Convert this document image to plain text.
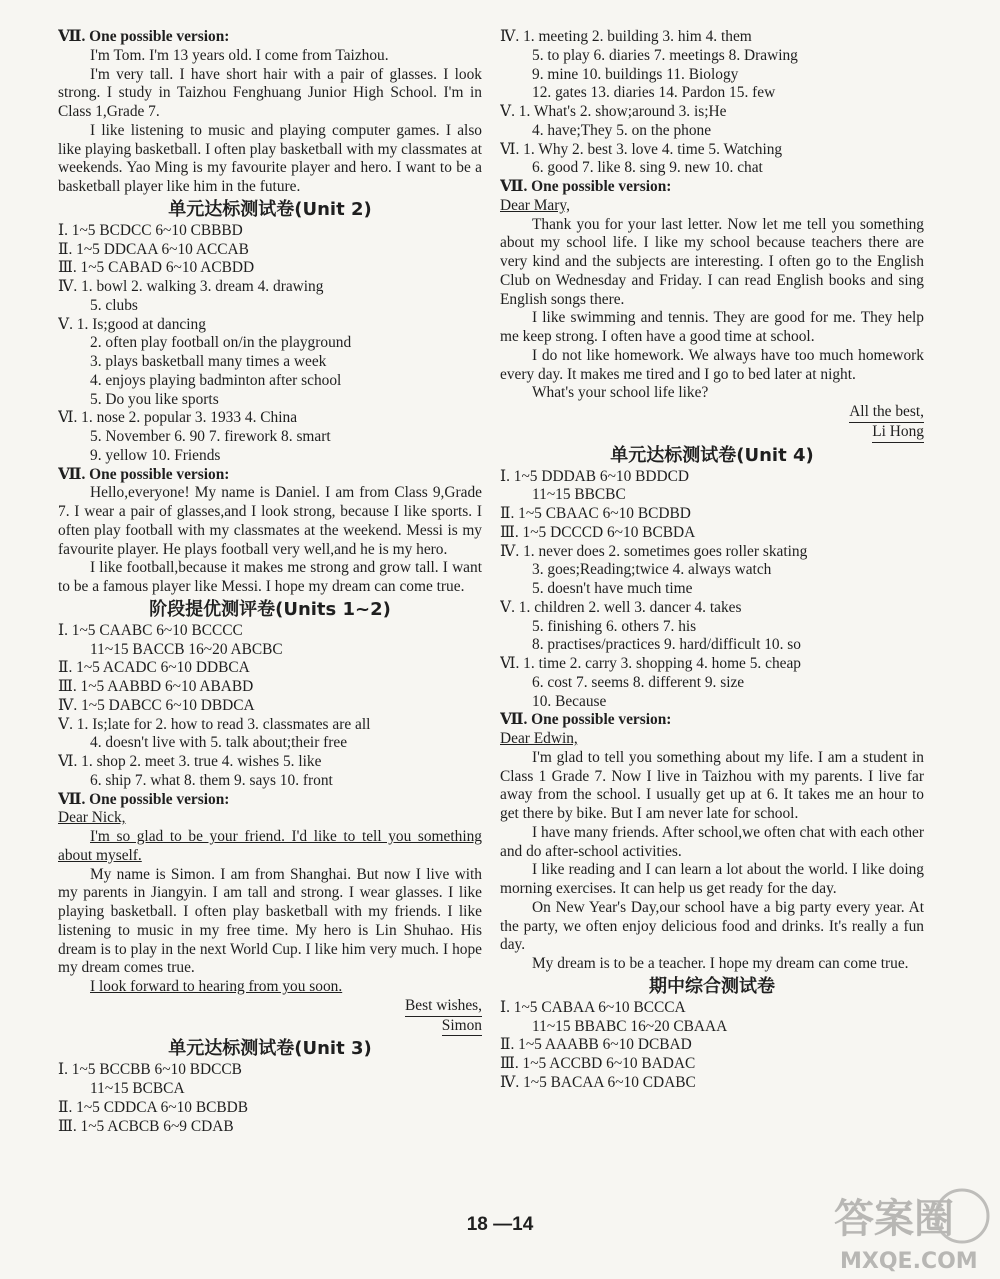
Ⅶ. One possible version:
I'm Tom. I'm 13 years old. I come from Taizhou.
I'm very tall. I have short hair with a pair of glasses. I look strong. I study in Taizhou Fenghuang Junior High School. I'm in Class 1,Grade 7.
I like listening to music and playing computer games. I also like playing basketball. I often play basketball with my classmates at weekends. Yao Ming is my favourite player and hero. I want to be a basketball player like him in the future.
单元达标测试卷(Unit 2)
Ⅰ. 1~5 BCDCC 6~10 CBBBD
Ⅱ. 1~5 DDCAA 6~10 ACCAB
Ⅲ. 1~5 CABAD 6~10 ACBDD
Ⅳ. 1. bowl 2. walking 3. dream 4. drawing
5. clubs
Ⅴ. 1. Is;good at dancing
2. often play football on/in the playground
3. plays basketball many times a week
4. enjoys playing badminton after school
5. Do you like sports
Ⅵ. 1. nose 2. popular 3. 1933 4. China
5. November 6. 90 7. firework 8. smart
9. yellow 10. Friends
Ⅶ. One possible version:
Hello,everyone! My name is Daniel. I am from Class 9,Grade 7. I wear a pair of glasses,and I look strong, because I like sports. I often play football with my classmates at the weekend. Messi is my favourite player. He plays football very well,and he is my hero.
I like football,because it makes me strong and grow tall. I want to be a famous player like Messi. I hope my dream can come true.
阶段提优测评卷(Units 1~2)
Ⅰ. 1~5 CAABC 6~10 BCCCC
11~15 BACCB 16~20 ABCBC
Ⅱ. 1~5 ACADC 6~10 DDBCA
Ⅲ. 1~5 AABBD 6~10 ABABD
Ⅳ. 1~5 DABCC 6~10 DBDCA
Ⅴ. 1. Is;late for 2. how to read 3. classmates are all
4. doesn't live with 5. talk about;their free
Ⅵ. 1. shop 2. meet 3. true 4. wishes 5. like
6. ship 7. what 8. them 9. says 10. front
Ⅶ. One possible version:
Dear Nick,
I'm so glad to be your friend. I'd like to tell you something about myself.
My name is Simon. I am from Shanghai. But now I live with my parents in Jiangyin. I am tall and strong. I wear glasses. I like playing basketball. I often play basketball with my friends. I like listening to music in my free time. My hero is Lin Shuhao. His dream is to play in the next World Cup. I like him very much. I hope my dream comes true.
I look forward to hearing from you soon.
Best wishes,
Simon
单元达标测试卷(Unit 3)
Ⅰ. 1~5 BCCBB 6~10 BDCCB
11~15 BCBCA
Ⅱ. 1~5 CDDCA 6~10 BCBDB
Ⅲ. 1~5 ACBCB 6~9 CDAB
Ⅳ. 1. meeting 2. building 3. him 4. them
5. to play 6. diaries 7. meetings 8. Drawing
9. mine 10. buildings 11. Biology
12. gates 13. diaries 14. Pardon 15. few
Ⅴ. 1. What's 2. show;around 3. is;He
4. have;They 5. on the phone
Ⅵ. 1. Why 2. best 3. love 4. time 5. Watching
6. good 7. like 8. sing 9. new 10. chat
Ⅶ. One possible version:
Dear Mary,
Thank you for your last letter. Now let me tell you something about my school life. I like my school because teachers there are very kind and the subjects are interesting. I often go to the English Club on Wednesday and Friday. I can read English books and sing English songs there.
I like swimming and tennis. They are good for me. They help me keep strong. I often have a good time at school.
I do not like homework. We always have too much homework every day. It makes me tired and I go to bed later at night.
What's your school life like?
All the best,
Li Hong
单元达标测试卷(Unit 4)
Ⅰ. 1~5 DDDAB 6~10 BDDCD
11~15 BBCBC
Ⅱ. 1~5 CBAAC 6~10 BCDBD
Ⅲ. 1~5 DCCCD 6~10 BCBDA
Ⅳ. 1. never does 2. sometimes goes roller skating
3. goes;Reading;twice 4. always watch
5. doesn't have much time
Ⅴ. 1. children 2. well 3. dancer 4. takes
5. finishing 6. others 7. his
8. practises/practices 9. hard/difficult 10. so
Ⅵ. 1. time 2. carry 3. shopping 4. home 5. cheap
6. cost 7. seems 8. different 9. size
10. Because
Ⅶ. One possible version:
Dear Edwin,
I'm glad to tell you something about my life. I am a student in Class 1 Grade 7. Now I live in Taizhou with my parents. I live far away from the school. I usually get up at 6. It takes me an hour to get there by bike. But I am never late for school.
I have many friends. After school,we often chat with each other and do after-school activities.
I like reading and I can learn a lot about the world. I like doing morning exercises. It can help us get ready for the day.
On New Year's Day,our school have a big party every year. At the party, we often enjoy delicious food and drinks. It's really a fun day.
My dream is to be a teacher. I hope my dream can come true.
期中综合测试卷
Ⅰ. 1~5 CABAA 6~10 BCCCA
11~15 BBABC 16~20 CBAAA
Ⅱ. 1~5 AAABB 6~10 DCBAD
Ⅲ. 1~5 ACCBD 6~10 BADAC
Ⅳ. 1~5 BACAA 6~10 CDABC
18 —14	答案圈
MXQE.COM
